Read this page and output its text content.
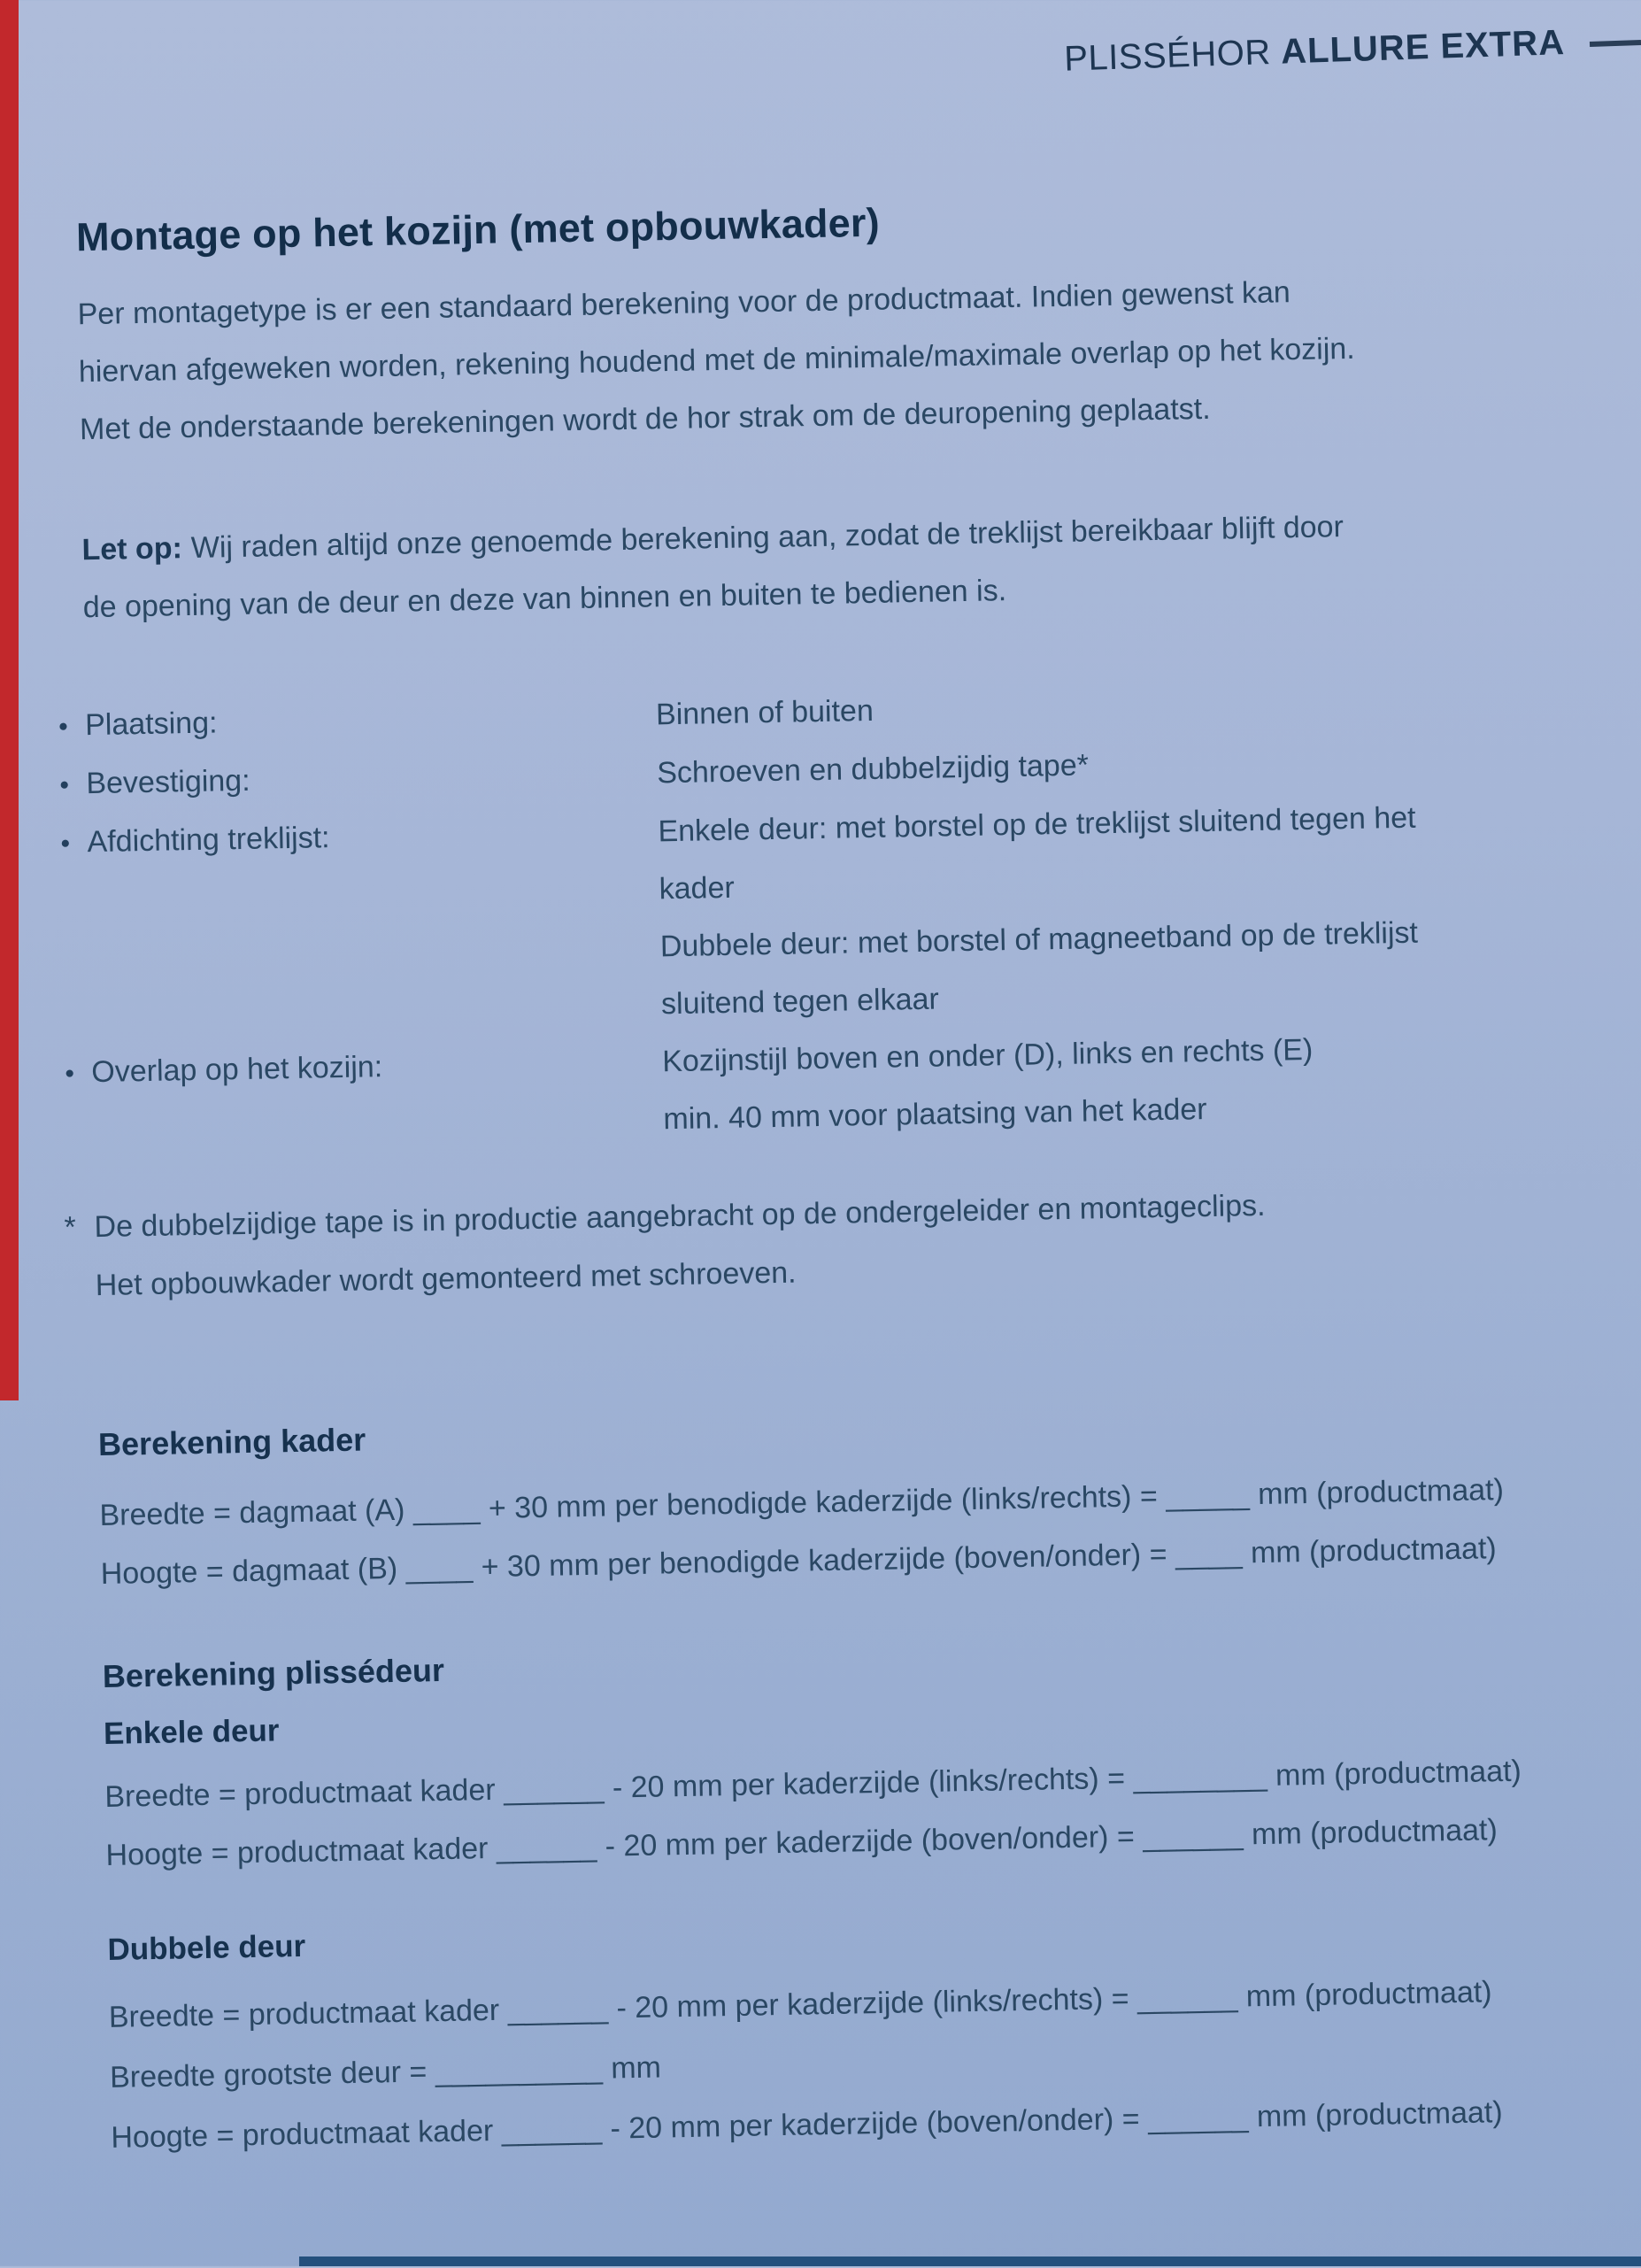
PLISSÉHOR ALLURE EXTRA
Montage op het kozijn (met opbouwkader)
Per montagetype is er een standaard berekening voor de productmaat. Indien gewenst kan
hiervan afgeweken worden, rekening houdend met de minimale/maximale overlap op het kozijn.
Met de onderstaande berekeningen wordt de hor strak om de deuropening geplaatst.
Let op: Wij raden altijd onze genoemde berekening aan, zodat de treklijst bereikbaar blijft door
de opening van de deur en deze van binnen en buiten te bedienen is.
• Plaatsing:	Binnen of buiten
• Bevestiging:	Schroeven en dubbelzijdig tape*
• Afdichting treklijst:	Enkele deur: met borstel op de treklijst sluitend tegen het
kader
Dubbele deur: met borstel of magneetband op de treklijst
sluitend tegen elkaar
• Overlap op het kozijn:	Kozijnstijl boven en onder (D), links en rechts (E)
min. 40 mm voor plaatsing van het kader
* De dubbelzijdige tape is in productie aangebracht op de ondergeleider en montageclips.
Het opbouwkader wordt gemonteerd met schroeven.
Berekening kader
Breedte = dagmaat (A) ____ + 30 mm per benodigde kaderzijde (links/rechts) = _____ mm (productmaat)
Hoogte = dagmaat (B) ____ + 30 mm per benodigde kaderzijde (boven/onder) = ____ mm (productmaat)
Berekening plissédeur
Enkele deur
Breedte = productmaat kader ______ - 20 mm per kaderzijde (links/rechts) = ________ mm (productmaat)
Hoogte = productmaat kader ______ - 20 mm per kaderzijde (boven/onder) = ______ mm (productmaat)
Dubbele deur
Breedte = productmaat kader ______ - 20 mm per kaderzijde (links/rechts) = ______ mm (productmaat)
Breedte grootste deur = __________ mm
Hoogte = productmaat kader ______ - 20 mm per kaderzijde (boven/onder) = ______ mm (productmaat)
